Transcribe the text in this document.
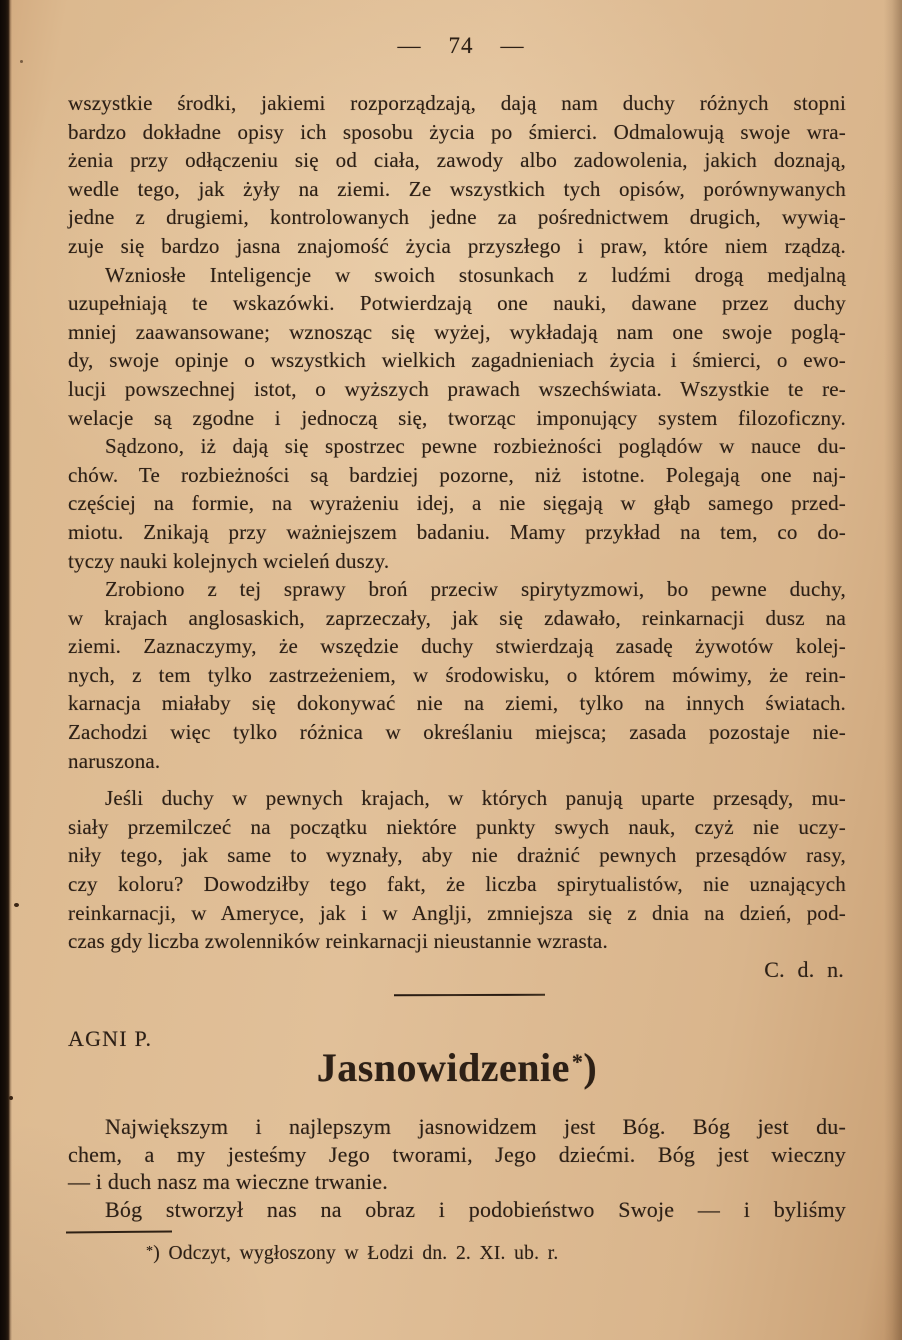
— 74 —

wszystkie środki, jakiemi rozporządzają, dają nam duchy różnych stopni
bardzo dokładne opisy ich sposobu życia po śmierci. Odmalowują swoje wra-
żenia przy odłączeniu się od ciała, zawody albo zadowolenia, jakich doznają,
wedle tego, jak żyły na ziemi. Ze wszystkich tych opisów, porównywanych
jedne z drugiemi, kontrolowanych jedne za pośrednictwem drugich, wywią-
zuje się bardzo jasna znajomość życia przyszłego i praw, które niem rządzą.

Wzniosłe Inteligencje w swoich stosunkach z ludźmi drogą medjalną
uzupełniają te wskazówki. Potwierdzają one nauki, dawane przez duchy
mniej zaawansowane; wznosząc się wyżej, wykładają nam one swoje poglą-
dy, swoje opinje o wszystkich wielkich zagadnieniach życia i śmierci, o ewo-
lucji powszechnej istot, o wyższych prawach wszechświata. Wszystkie te re-
welacje są zgodne i jednoczą się, tworząc imponujący system filozoficzny.

Sądzono, iż dają się spostrzec pewne rozbieżności poglądów w nauce du-
chów. Te rozbieżności są bardziej pozorne, niż istotne. Polegają one naj-
częściej na formie, na wyrażeniu idej, a nie sięgają w głąb samego przed-
miotu. Znikają przy ważniejszem badaniu. Mamy przykład na tem, co do-
tyczy nauki kolejnych wcieleń duszy.

Zrobiono z tej sprawy broń przeciw spirytyzmowi, bo pewne duchy,
w krajach anglosaskich, zaprzeczały, jak się zdawało, reinkarnacji dusz na
ziemi. Zaznaczymy, że wszędzie duchy stwierdzają zasadę żywotów kolej-
nych, z tem tylko zastrzeżeniem, w środowisku, o którem mówimy, że rein-
karnacja miałaby się dokonywać nie na ziemi, tylko na innych światach.
Zachodzi więc tylko różnica w określaniu miejsca; zasada pozostaje nie-
naruszona.

Jeśli duchy w pewnych krajach, w których panują uparte przesądy, mu-
siały przemilczeć na początku niektóre punkty swych nauk, czyż nie uczy-
niły tego, jak same to wyznały, aby nie drażnić pewnych przesądów rasy,
czy koloru? Dowodziłby tego fakt, że liczba spirytualistów, nie uznających
reinkarnacji, w Ameryce, jak i w Anglji, zmniejsza się z dnia na dzień, pod-
czas gdy liczba zwolenników reinkarnacji nieustannie wzrasta.

C. d. n.
AGNI P.
Jasnowidzenie*)

Największym i najlepszym jasnowidzem jest Bóg. Bóg jest du-
chem, a my jesteśmy Jego tworami, Jego dziećmi. Bóg jest wieczny
— i duch nasz ma wieczne trwanie.

Bóg stworzył nas na obraz i podobieństwo Swoje — i byliśmy

*) Odczyt, wygłoszony w Łodzi dn. 2. XI. ub. r.
